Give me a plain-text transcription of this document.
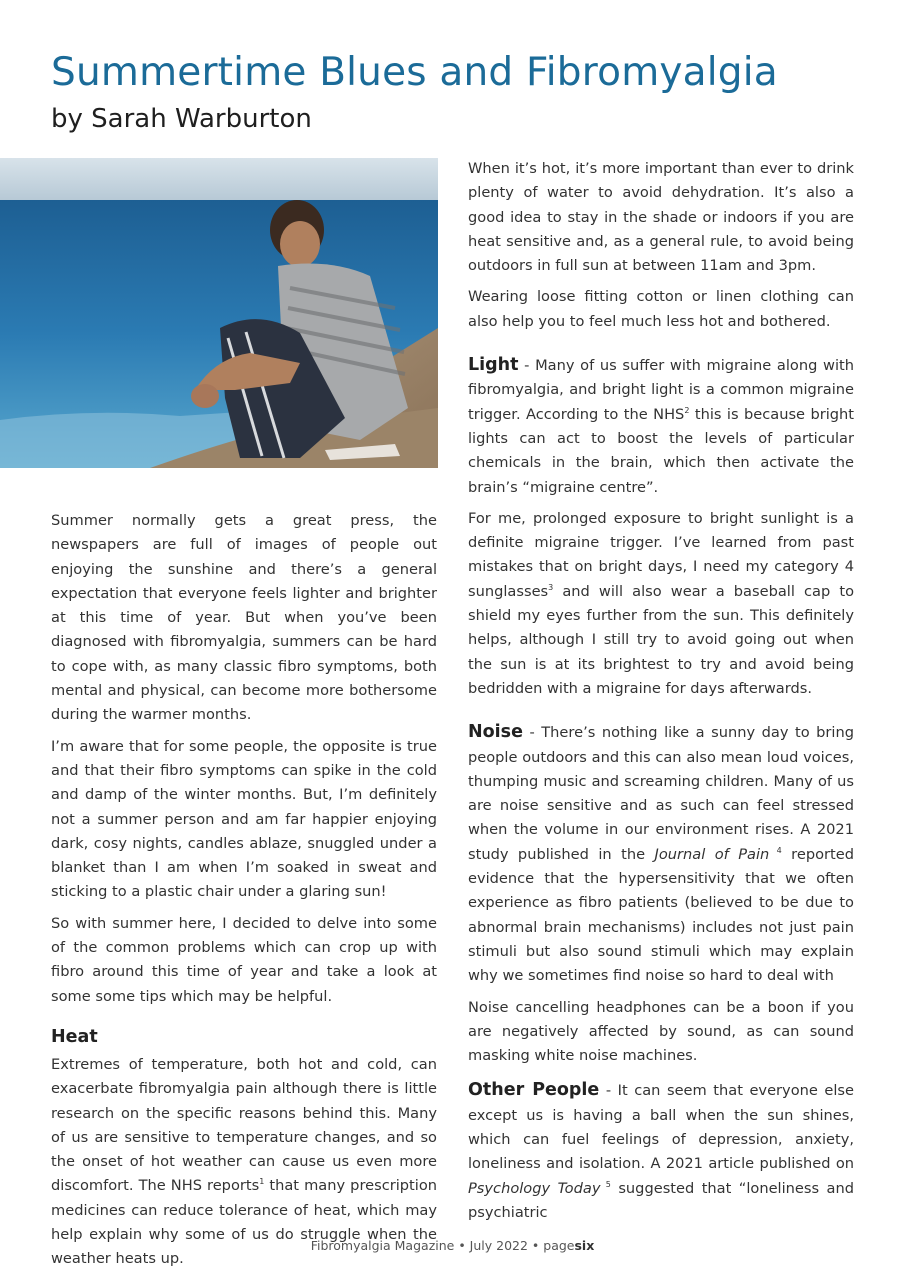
Summertime Blues and Fibromyalgia
by Sarah Warburton

Summer normally gets a great press, the newspapers are full of images of people out enjoying the sunshine and there’s a general expectation that everyone feels lighter and brighter at this time of year. But when you’ve been diagnosed with fibromyalgia, summers can be hard to cope with, as many classic fibro symptoms, both mental and physical, can become more bothersome during the warmer months.

I’m aware that for some people, the opposite is true and that their fibro symptoms can spike in the cold and damp of the winter months. But, I’m definitely not a summer person and am far happier enjoying dark, cosy nights, candles ablaze, snuggled under a blanket than I am when I’m soaked in sweat and sticking to a plastic chair under a glaring sun!

So with summer here, I decided to delve into some of the common problems which can crop up with fibro around this time of year and take a look at some some tips which may be helpful.

Heat

Extremes of temperature, both hot and cold, can exacerbate fibromyalgia pain although there is little research on the specific reasons behind this. Many of us are sensitive to temperature changes, and so the onset of hot weather can cause us even more discomfort. The NHS reports$^1$ that many prescription medicines can reduce tolerance of heat, which may help explain why some of us do struggle when the weather heats up.

When it’s hot, it’s more important than ever to drink plenty of water to avoid dehydration. It’s also a good idea to stay in the shade or indoors if you are heat sensitive and, as a general rule, to avoid being outdoors in full sun at between 11am and 3pm.

Wearing loose fitting cotton or linen clothing can also help you to feel much less hot and bothered.

Light - Many of us suffer with migraine along with fibromyalgia, and bright light is a common migraine trigger. According to the NHS$^2$ this is because bright lights can act to boost the levels of particular chemicals in the brain, which then activate the brain’s “migraine centre”.

For me, prolonged exposure to bright sunlight is a definite migraine trigger. I’ve learned from past mistakes that on bright days, I need my category 4 sunglasses$^3$ and will also wear a baseball cap to shield my eyes further from the sun. This definitely helps, although I still try to avoid going out when the sun is at its brightest to try and avoid being bedridden with a migraine for days afterwards.

Noise - There’s nothing like a sunny day to bring people outdoors and this can also mean loud voices, thumping music and screaming children. Many of us are noise sensitive and as such can feel stressed when the volume in our environment rises. A 2021 study published in the Journal of Pain $^4$ reported evidence that the hypersensitivity that we often experience as fibro patients (believed to be due to abnormal brain mechanisms) includes not just pain stimuli but also sound stimuli which may explain why we sometimes find noise so hard to deal with

Noise cancelling headphones can be a boon if you are negatively affected by sound, as can sound masking white noise machines.

Other People - It can seem that everyone else except us is having a ball when the sun shines, which can fuel feelings of depression, anxiety, loneliness and isolation. A 2021 article published on Psychology Today $^5$ suggested that “loneliness and psychiatric

Fibromyalgia Magazine • July 2022 • pagesix
